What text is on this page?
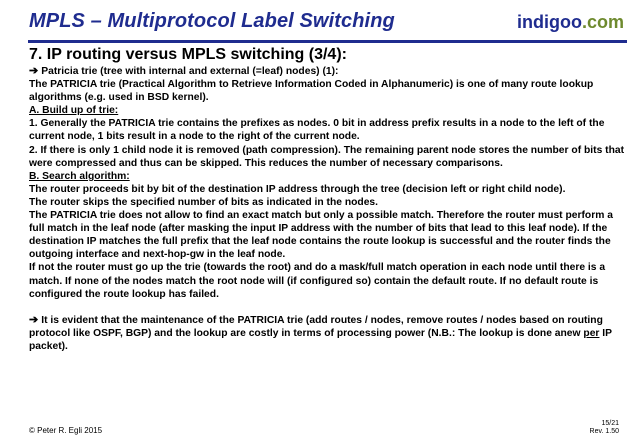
MPLS – Multiprotocol Label Switching	indigoo.com
7. IP routing versus MPLS switching (3/4):

➔ Patricia trie (tree with internal and external (=leaf) nodes) (1):

The PATRICIA trie (Practical Algorithm to Retrieve Information Coded in Alphanumeric) is one of many route lookup algorithms (e.g. used in BSD kernel).

A. Build up of trie:

1. Generally the PATRICIA trie contains the prefixes as nodes. 0 bit in address prefix results in a node to the left of the current node, 1 bits result in a node to the right of the current node.

2. If there is only 1 child node it is removed (path compression). The remaining parent node stores the number of bits that were compressed and thus can be skipped. This reduces the number of necessary comparisons.

B. Search algorithm:

The router proceeds bit by bit of the destination IP address through the tree (decision left or right child node).

The router skips the specified number of bits as indicated in the nodes.

The PATRICIA trie does not allow to find an exact match but only a possible match. Therefore the router must perform a full match in the leaf node (after masking the input IP address with the number of bits that lead to this leaf node). If the destination IP matches the full prefix that the leaf node contains the route lookup is successful and the router finds the outgoing interface and next-hop-gw in the leaf node.

If not the router must go up the trie (towards the root) and do a mask/full match operation in each node until there is a match. If none of the nodes match the root node will (if configured so) contain the default route. If no default route is configured the route lookup has failed.

➔ It is evident that the maintenance of the PATRICIA trie (add routes / nodes, remove routes / nodes based on routing protocol like OSPF, BGP) and the lookup are costly in terms of processing power (N.B.: The lookup is done anew per IP packet).

© Peter R. Egli 2015
15/21
Rev. 1.50
